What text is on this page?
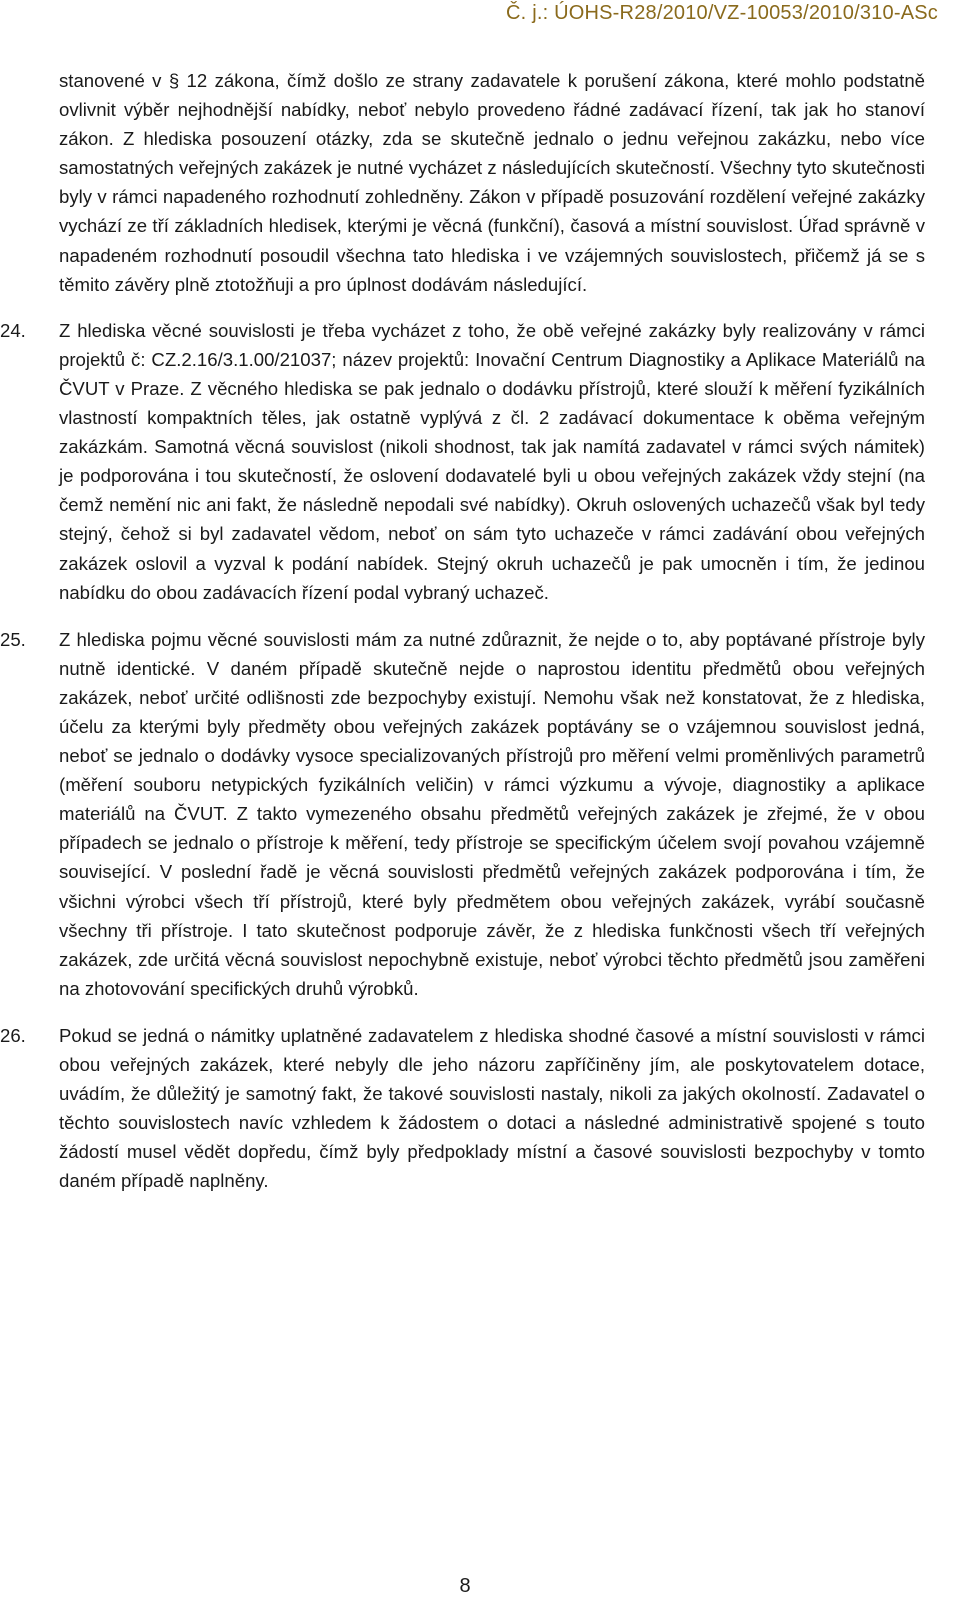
Č. j.: ÚOHS-R28/2010/VZ-10053/2010/310-ASc

stanovené v § 12 zákona, čímž došlo ze strany zadavatele k porušení zákona, které mohlo podstatně ovlivnit výběr nejhodnější nabídky, neboť nebylo provedeno řádné zadávací řízení, tak jak ho stanoví zákon. Z hlediska posouzení otázky, zda se skutečně jednalo o jednu veřejnou zakázku, nebo více samostatných veřejných zakázek je nutné vycházet z následujících skutečností. Všechny tyto skutečnosti byly v rámci napadeného rozhodnutí zohledněny. Zákon v případě posuzování rozdělení veřejné zakázky vychází ze tří základních hledisek, kterými je věcná (funkční), časová a místní souvislost. Úřad správně v napadeném rozhodnutí posoudil všechna tato hlediska i ve vzájemných souvislostech, přičemž já se s těmito závěry plně ztotožňuji a pro úplnost dodávám následující.

24. Z hlediska věcné souvislosti je třeba vycházet z toho, že obě veřejné zakázky byly realizovány v rámci projektů č: CZ.2.16/3.1.00/21037; název projektů: Inovační Centrum Diagnostiky a Aplikace Materiálů na ČVUT v Praze. Z věcného hlediska se pak jednalo o dodávku přístrojů, které slouží k měření fyzikálních vlastností kompaktních těles, jak ostatně vyplývá z čl. 2 zadávací dokumentace k oběma veřejným zakázkám. Samotná věcná souvislost (nikoli shodnost, tak jak namítá zadavatel v rámci svých námitek) je podporována i tou skutečností, že oslovení dodavatelé byli u obou veřejných zakázek vždy stejní (na čemž nemění nic ani fakt, že následně nepodali své nabídky). Okruh oslovených uchazečů však byl tedy stejný, čehož si byl zadavatel vědom, neboť on sám tyto uchazeče v rámci zadávání obou veřejných zakázek oslovil a vyzval k podání nabídek. Stejný okruh uchazečů je pak umocněn i tím, že jedinou nabídku do obou zadávacích řízení podal vybraný uchazeč.

25. Z hlediska pojmu věcné souvislosti mám za nutné zdůraznit, že nejde o to, aby poptávané přístroje byly nutně identické. V daném případě skutečně nejde o naprostou identitu předmětů obou veřejných zakázek, neboť určité odlišnosti zde bezpochyby existují. Nemohu však než konstatovat, že z hlediska, účelu za kterými byly předměty obou veřejných zakázek poptávány se o vzájemnou souvislost jedná, neboť se jednalo o dodávky vysoce specializovaných přístrojů pro měření velmi proměnlivých parametrů (měření souboru netypických fyzikálních veličin) v rámci výzkumu a vývoje, diagnostiky a aplikace materiálů na ČVUT. Z takto vymezeného obsahu předmětů veřejných zakázek je zřejmé, že v obou případech se jednalo o přístroje k měření, tedy přístroje se specifickým účelem svojí povahou vzájemně související. V poslední řadě je věcná souvislosti předmětů veřejných zakázek podporována i tím, že všichni výrobci všech tří přístrojů, které byly předmětem obou veřejných zakázek, vyrábí současně všechny tři přístroje. I tato skutečnost podporuje závěr, že z hlediska funkčnosti všech tří veřejných zakázek, zde určitá věcná souvislost nepochybně existuje, neboť výrobci těchto předmětů jsou zaměřeni na zhotovování specifických druhů výrobků.

26. Pokud se jedná o námitky uplatněné zadavatelem z hlediska shodné časové a místní souvislosti v rámci obou veřejných zakázek, které nebyly dle jeho názoru zapříčiněny jím, ale poskytovatelem dotace, uvádím, že důležitý je samotný fakt, že takové souvislosti nastaly, nikoli za jakých okolností. Zadavatel o těchto souvislostech navíc vzhledem k žádostem o dotaci a následné administrativě spojené s touto žádostí musel vědět dopředu, čímž byly předpoklady místní a časové souvislosti bezpochyby v tomto daném případě naplněny.

8
